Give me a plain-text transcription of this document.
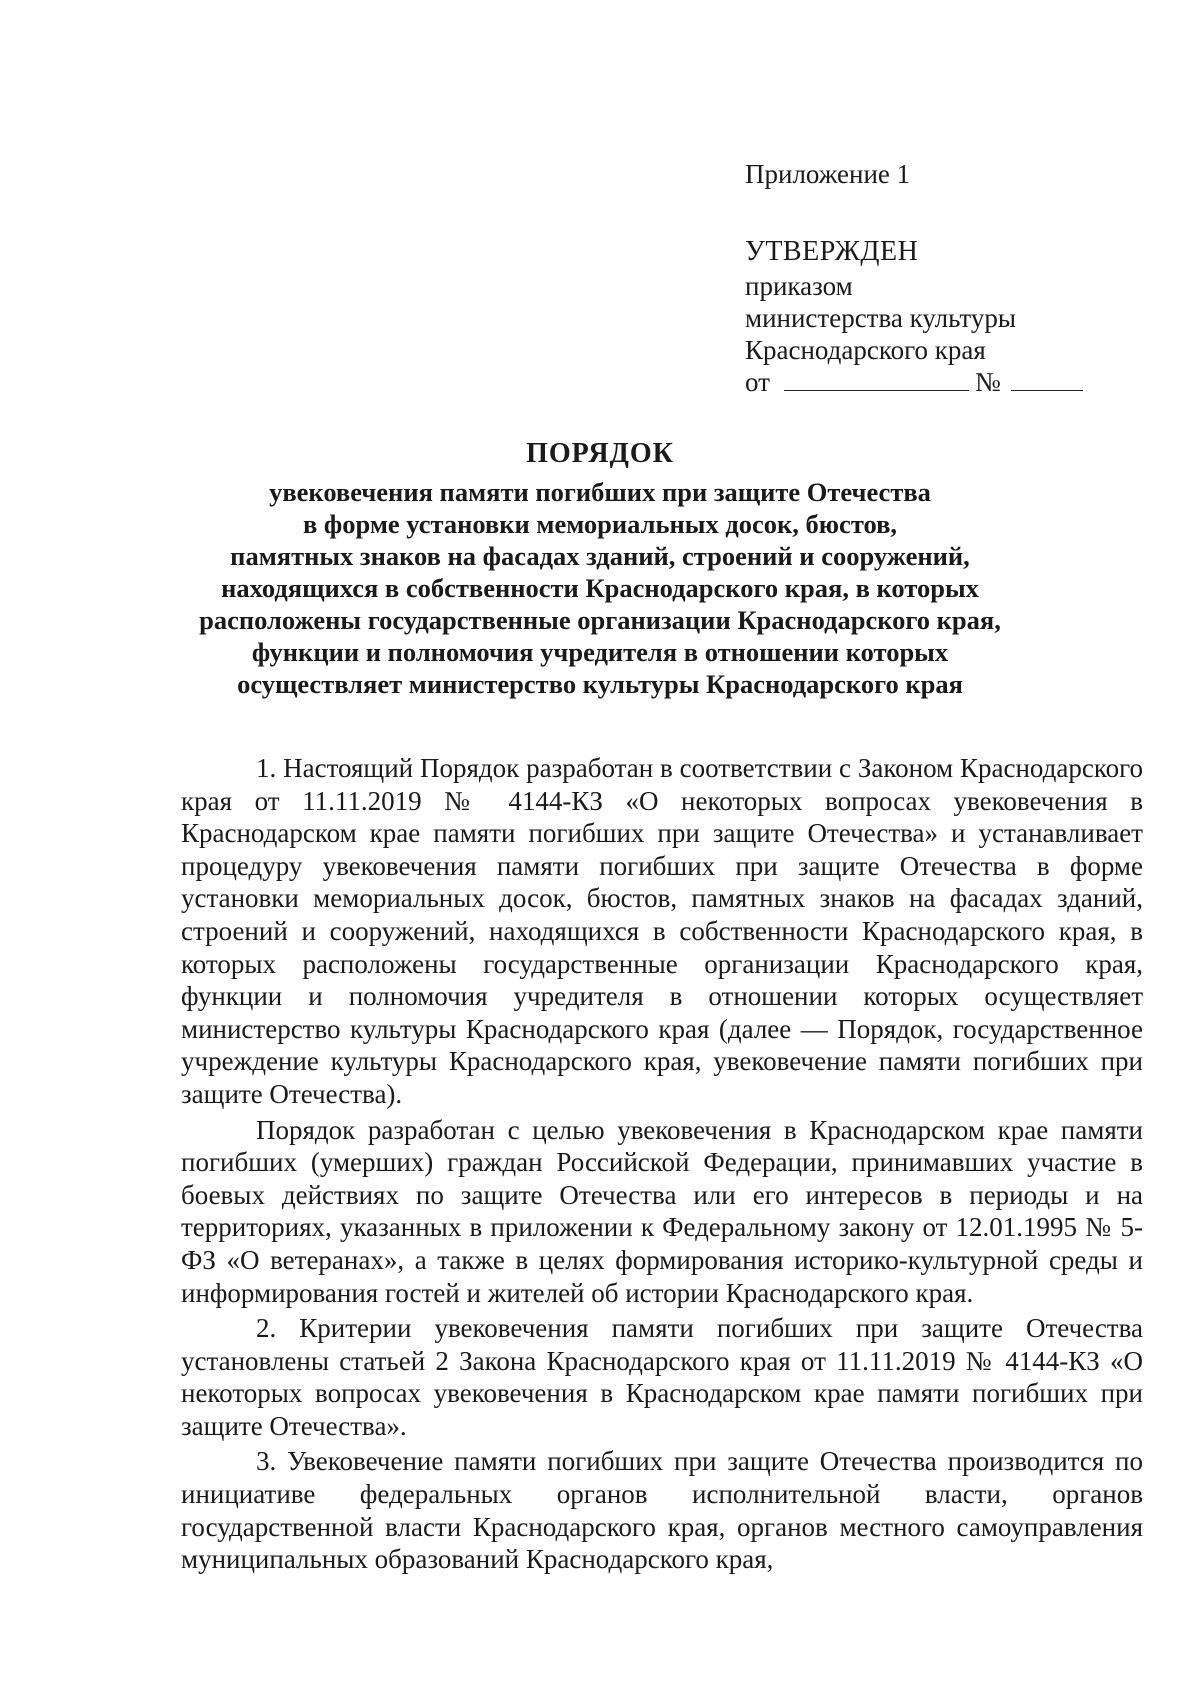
Приложение 1
УТВЕРЖДЕН
приказом
министерства культуры
Краснодарского края
от	№
ПОРЯДОК
увековечения памяти погибших при защите Отечества
в форме установки мемориальных досок, бюстов,
памятных знаков на фасадах зданий, строений и сооружений,
находящихся в собственности Краснодарского края, в которых
расположены государственные организации Краснодарского края,
функции и полномочия учредителя в отношении которых
осуществляет министерство культуры Краснодарского края

1. Настоящий Порядок разработан в соответствии с Законом Краснодарского края от 11.11.2019 № 4144-КЗ «О некоторых вопросах увековечения в Краснодарском крае памяти погибших при защите Отечества» и устанавливает процедуру увековечения памяти погибших при защите Отечества в форме установки мемориальных досок, бюстов, памятных знаков на фасадах зданий, строений и сооружений, находящихся в собственности Краснодарского края, в которых расположены государственные организации Краснодарского края, функции и полномочия учредителя в отношении которых осуществляет министерство культуры Краснодарского края (далее — Порядок, государственное учреждение культуры Краснодарского края, увековечение памяти погибших при защите Отечества).

Порядок разработан с целью увековечения в Краснодарском крае памяти погибших (умерших) граждан Российской Федерации, принимавших участие в боевых действиях по защите Отечества или его интересов в периоды и на территориях, указанных в приложении к Федеральному закону от 12.01.1995 № 5-ФЗ «О ветеранах», а также в целях формирования историко-культурной среды и информирования гостей и жителей об истории Краснодарского края.

2. Критерии увековечения памяти погибших при защите Отечества установлены статьей 2 Закона Краснодарского края от 11.11.2019 № 4144-КЗ «О некоторых вопросах увековечения в Краснодарском крае памяти погибших при защите Отечества».

3. Увековечение памяти погибших при защите Отечества производится по инициативе федеральных органов исполнительной власти, органов государственной власти Краснодарского края, органов местного самоуправления муниципальных образований Краснодарского края,
